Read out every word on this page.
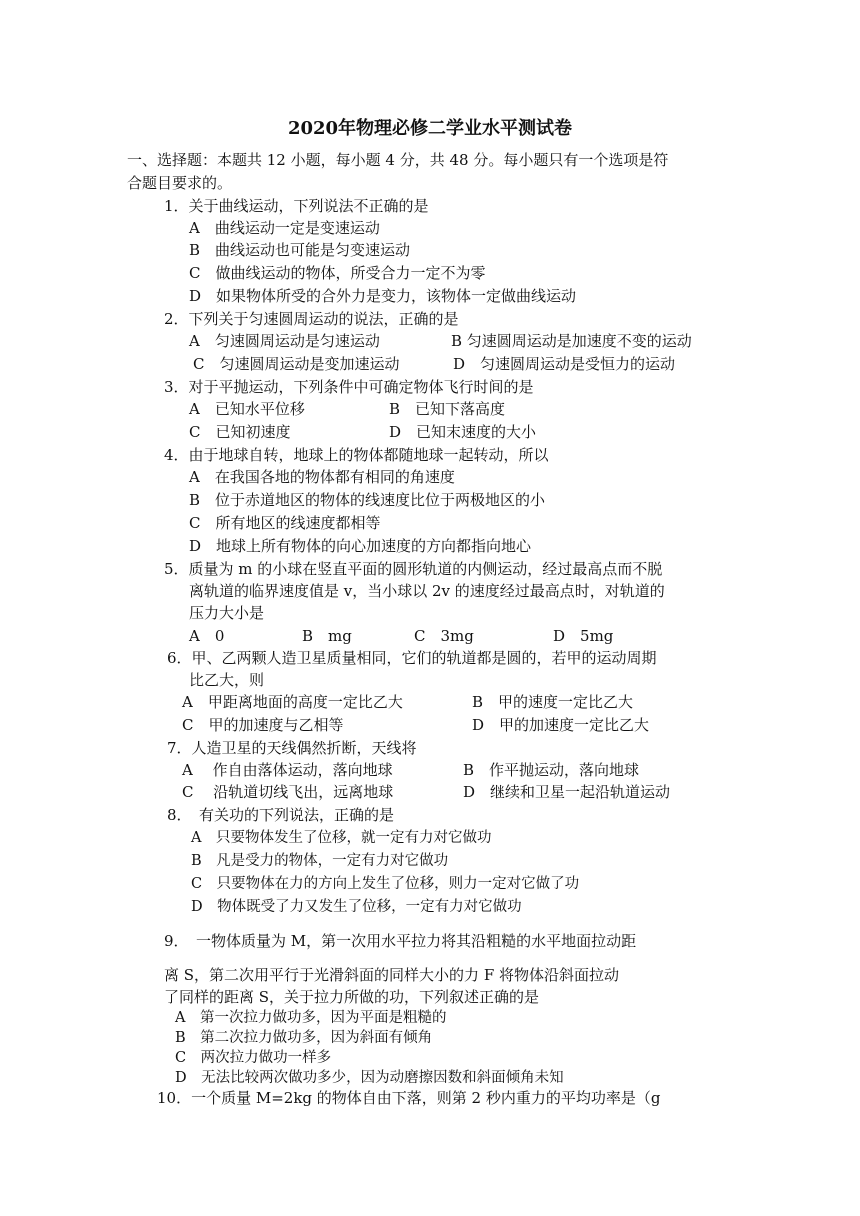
2020年物理必修二学业水平测试卷
一、选择题：本题共 12 小题，每小题 4 分，共 48 分。每小题只有一个选项是符
合题目要求的。
1．关于曲线运动，下列说法不正确的是
A　曲线运动一定是变速运动
B　曲线运动也可能是匀变速运动
C　做曲线运动的物体，所受合力一定不为零
D　如果物体所受的合外力是变力，该物体一定做曲线运动
2．下列关于匀速圆周运动的说法，正确的是
A　匀速圆周运动是匀速运动	B 匀速圆周运动是加速度不变的运动
C　匀速圆周运动是变加速运动	D　匀速圆周运动是受恒力的运动
3．对于平抛运动，下列条件中可确定物体飞行时间的是
A　已知水平位移	B　已知下落高度
C　已知初速度	D　已知末速度的大小
4．由于地球自转，地球上的物体都随地球一起转动，所以
A　在我国各地的物体都有相同的角速度
B　位于赤道地区的物体的线速度比位于两极地区的小
C　所有地区的线速度都相等
D　地球上所有物体的向心加速度的方向都指向地心
5．质量为 m 的小球在竖直平面的圆形轨道的内侧运动，经过最高点而不脱
离轨道的临界速度值是 v，当小球以 2v 的速度经过最高点时，对轨道的
压力大小是
A　0	B　mg	C　3mg	D　5mg
6．甲、乙两颗人造卫星质量相同，它们的轨道都是圆的，若甲的运动周期
比乙大，则
A　甲距离地面的高度一定比乙大	B　甲的速度一定比乙大
C　甲的加速度与乙相等	D　甲的加速度一定比乙大
7．人造卫星的天线偶然折断，天线将
A　 作自由落体运动，落向地球	B　作平抛运动，落向地球
C　 沿轨道切线飞出，远离地球	D　继续和卫星一起沿轨道运动
8．　有关功的下列说法，正确的是
A　只要物体发生了位移，就一定有力对它做功
B　凡是受力的物体，一定有力对它做功
C　只要物体在力的方向上发生了位移，则力一定对它做了功
D　物体既受了力又发生了位移，一定有力对它做功
9．　一物体质量为 M，第一次用水平拉力将其沿粗糙的水平地面拉动距
离 S，第二次用平行于光滑斜面的同样大小的力 F 将物体沿斜面拉动
了同样的距离 S，关于拉力所做的功，下列叙述正确的是
A　第一次拉力做功多，因为平面是粗糙的
B　第二次拉力做功多，因为斜面有倾角
C　两次拉力做功一样多
D　无法比较两次做功多少，因为动磨擦因数和斜面倾角未知
10．一个质量 M=2kg 的物体自由下落，则第 2 秒内重力的平均功率是（g
